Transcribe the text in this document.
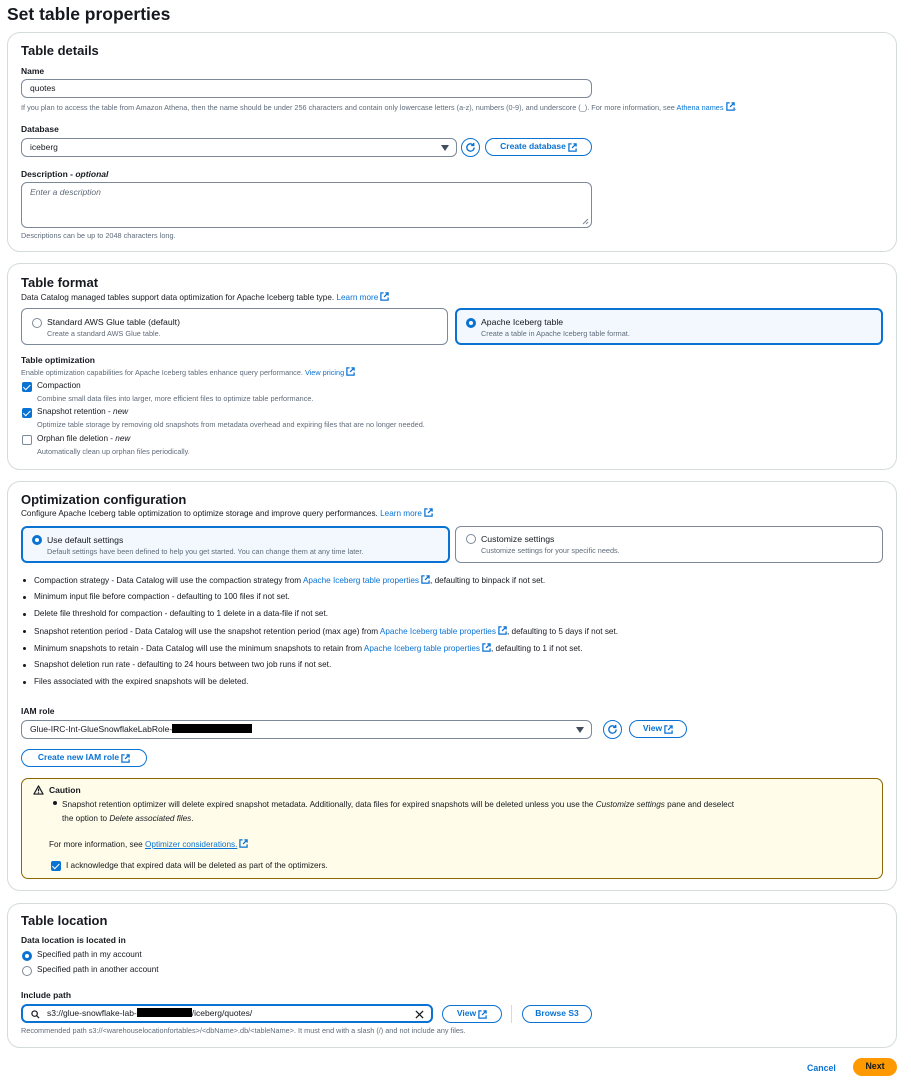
Set table properties
Table details
Name
quotes
If you plan to access the table from Amazon Athena, then the name should be under 256 characters and contain only lowercase letters (a-z), numbers (0-9), and underscore (_). For more information, see Athena names .
Database
iceberg	Create database
Description - optional
Enter a description
Descriptions can be up to 2048 characters long.
Table format
Data Catalog managed tables support data optimization for Apache Iceberg table type. Learn more
Standard AWS Glue table (default)
Create a standard AWS Glue table.
Apache Iceberg table
Create a table in Apache Iceberg table format.
Table optimization
Enable optimization capabilities for Apache Iceberg tables enhance query performance. View pricing
Compaction
Combine small data files into larger, more efficient files to optimize table performance.
Snapshot retention - new
Optimize table storage by removing old snapshots from metadata overhead and expiring files that are no longer needed.
Orphan file deletion - new
Automatically clean up orphan files periodically.
Optimization configuration
Configure Apache Iceberg table optimization to optimize storage and improve query performances. Learn more
Use default settings
Default settings have been defined to help you get started. You can change them at any time later.
Customize settings
Customize settings for your specific needs.
Compaction strategy - Data Catalog will use the compaction strategy from Apache Iceberg table properties , defaulting to binpack if not set.
Minimum input file before compaction - defaulting to 100 files if not set.
Delete file threshold for compaction - defaulting to 1 delete in a data-file if not set.
Snapshot retention period - Data Catalog will use the snapshot retention period (max age) from Apache Iceberg table properties , defaulting to 5 days if not set.
Minimum snapshots to retain - Data Catalog will use the minimum snapshots to retain from Apache Iceberg table properties , defaulting to 1 if not set.
Snapshot deletion run rate - defaulting to 24 hours between two job runs if not set.
Files associated with the expired snapshots will be deleted.
IAM role
Glue-IRC-Int-GlueSnowflakeLabRole-	View
Create new IAM role
Caution
Snapshot retention optimizer will delete expired snapshot metadata. Additionally, data files for expired snapshots will be deleted unless you use the Customize settings pane and deselect
the option to Delete associated files.
For more information, see Optimizer considerations.
I acknowledge that expired data will be deleted as part of the optimizers.
Table location
Data location is located in
Specified path in my account
Specified path in another account
Include path
s3://glue-snowflake-lab-	/iceberg/quotes/	View	Browse S3
Recommended path s3://<warehouselocationfortables>/<dbName>.db/<tableName>. It must end with a slash (/) and not include any files.
Cancel	Next
